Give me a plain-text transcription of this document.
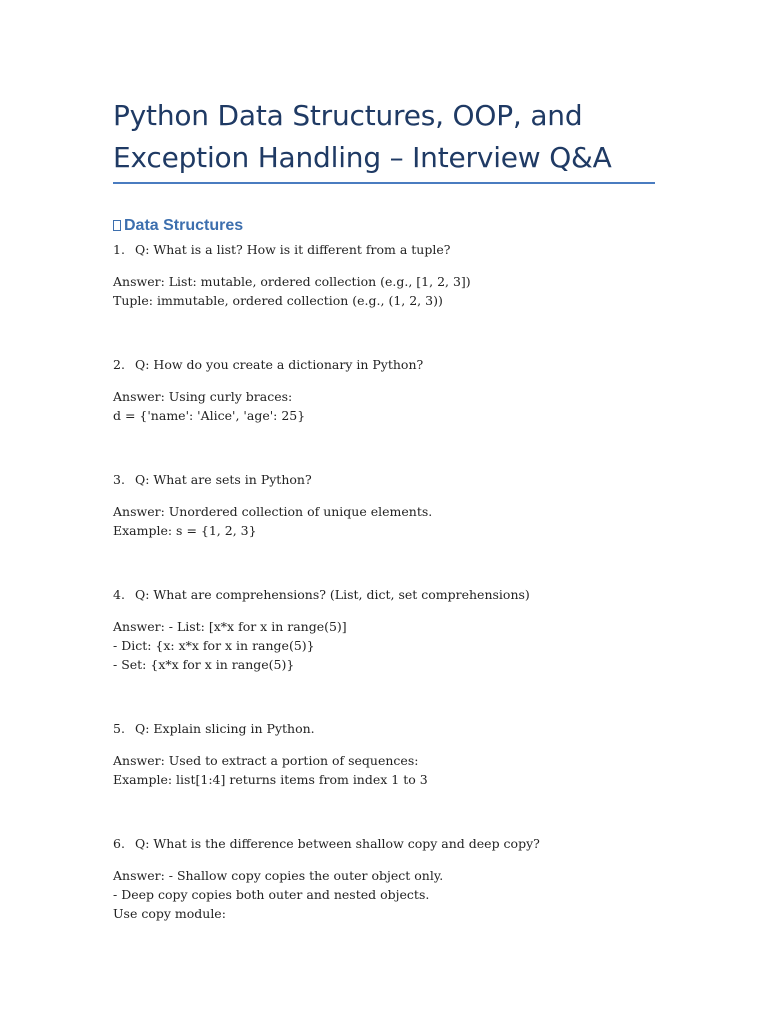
Python Data Structures, OOP, and
Exception Handling – Interview Q&A
Data Structures

1. Q: What is a list? How is it different from a tuple?

Answer: List: mutable, ordered collection (e.g., [1, 2, 3])
Tuple: immutable, ordered collection (e.g., (1, 2, 3))

2. Q: How do you create a dictionary in Python?

Answer: Using curly braces:
d = {'name': 'Alice', 'age': 25}

3. Q: What are sets in Python?

Answer: Unordered collection of unique elements.
Example: s = {1, 2, 3}

4. Q: What are comprehensions? (List, dict, set comprehensions)

Answer: - List: [x*x for x in range(5)]
- Dict: {x: x*x for x in range(5)}
- Set: {x*x for x in range(5)}

5. Q: Explain slicing in Python.

Answer: Used to extract a portion of sequences:
Example: list[1:4] returns items from index 1 to 3

6. Q: What is the difference between shallow copy and deep copy?

Answer: - Shallow copy copies the outer object only.
- Deep copy copies both outer and nested objects.
Use copy module:
